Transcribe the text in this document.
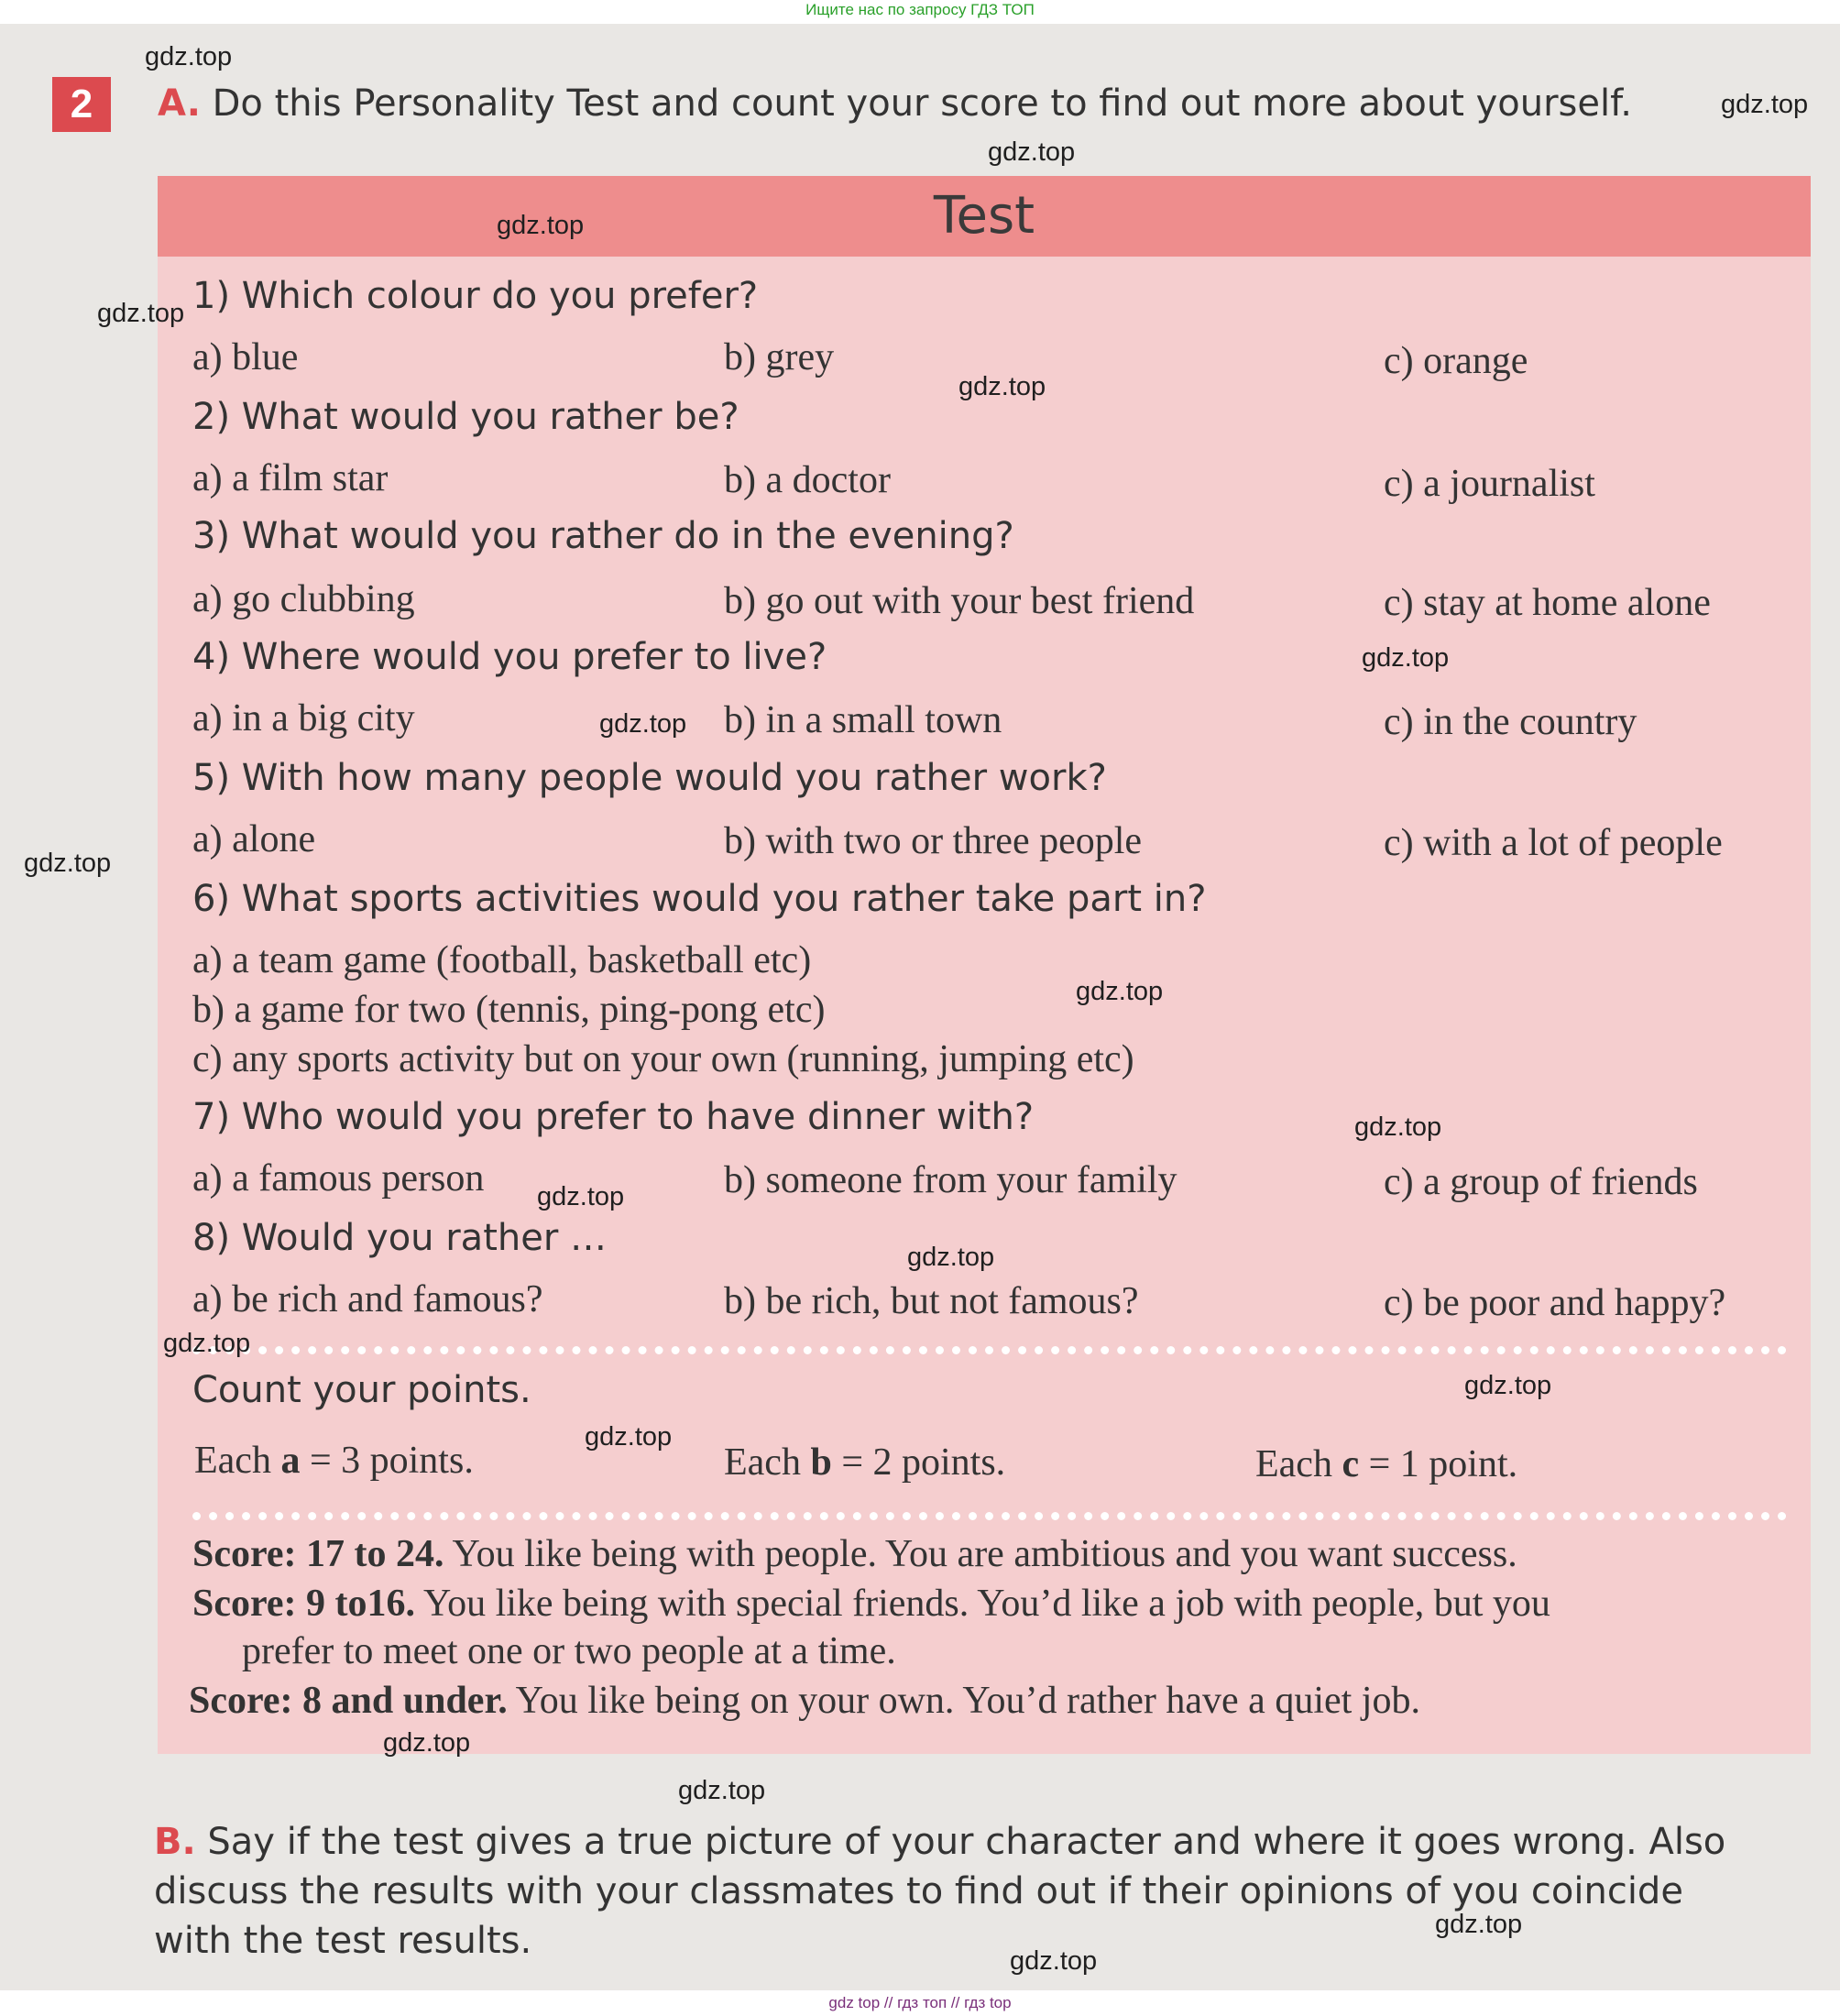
Ищите нас по запросу ГДЗ ТОП
2	A. Do this Personality Test and count your score to find out more about yourself.
Test
1) Which colour do you prefer?
a) blue	b) grey	c) orange
2) What would you rather be?
a) a film star	b) a doctor	c) a journalist
3) What would you rather do in the evening?
a) go clubbing	b) go out with your best friend	c) stay at home alone
4) Where would you prefer to live?
a) in a big city	b) in a small town	c) in the country
5) With how many people would you rather work?
a) alone	b) with two or three people	c) with a lot of people
6) What sports activities would you rather take part in?
a) a team game (football, basketball etc)
b) a game for two (tennis, ping-pong etc)
c) any sports activity but on your own (running, jumping etc)
7) Who would you prefer to have dinner with?
a) a famous person	b) someone from your family	c) a group of friends
8) Would you rather …
a) be rich and famous?	b) be rich, but not famous?	c) be poor and happy?
Count your points.
Each a = 3 points.	Each b = 2 points.	Each c = 1 point.
Score: 17 to 24. You like being with people. You are ambitious and you want success.
Score: 9 to16. You like being with special friends. You’d like a job with people, but you
prefer to meet one or two people at a time.
Score: 8 and under. You like being on your own. You’d rather have a quiet job.
B. Say if the test gives a true picture of your character and where it goes wrong. Also
discuss the results with your classmates to find out if their opinions of you coincide
with the test results.
gdz.top
gdz.top
gdz.top
gdz.top
gdz.top
gdz.top
gdz.top
gdz.top
gdz.top
gdz.top
gdz.top
gdz.top
gdz.top
gdz.top
gdz.top
gdz.top
gdz.top
gdz.top
gdz.top
gdz.top
gdz top // гдз топ // гдз top
